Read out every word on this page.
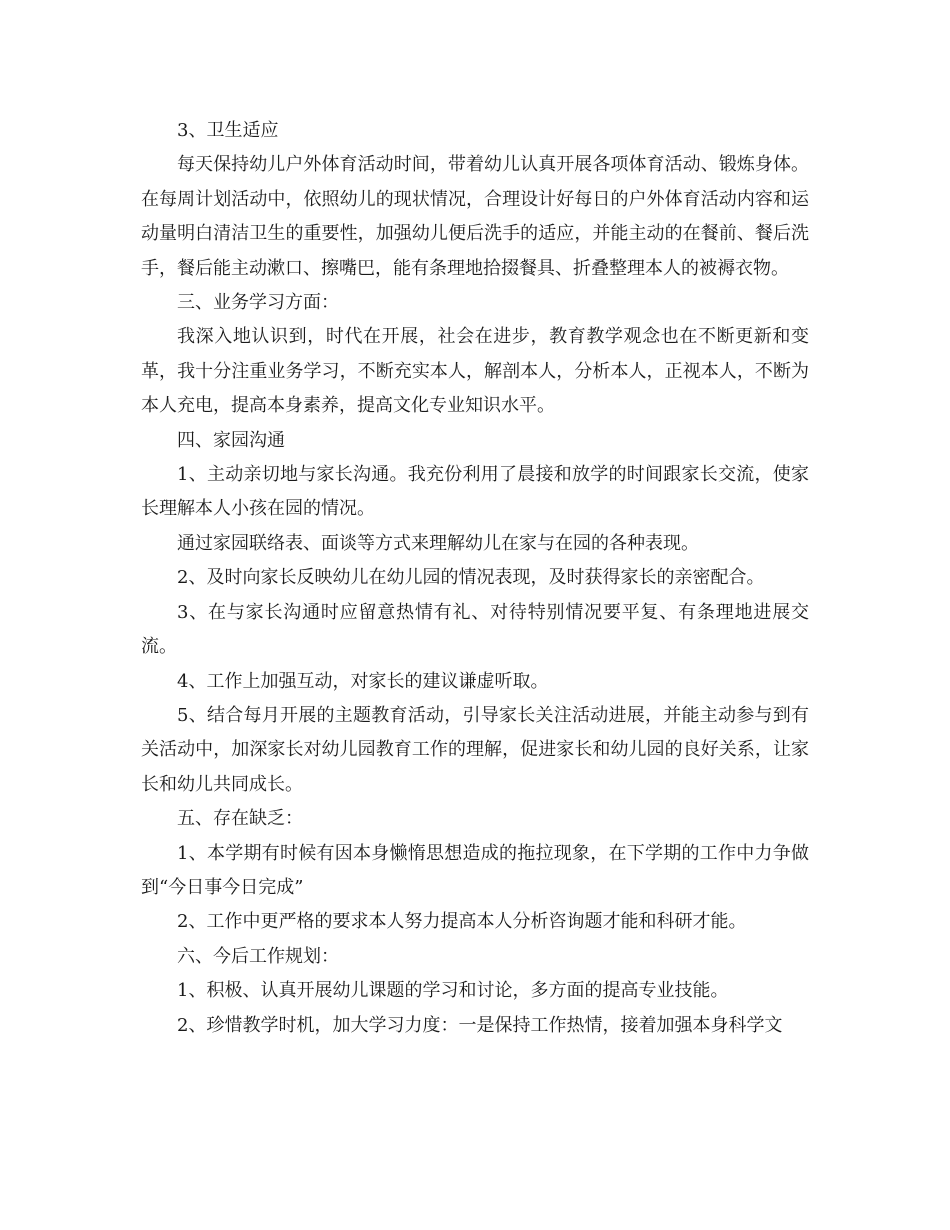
3、卫生适应

每天保持幼儿户外体育活动时间，带着幼儿认真开展各项体育活动、锻炼身体。在每周计划活动中，依照幼儿的现状情况，合理设计好每日的户外体育活动内容和运动量明白清洁卫生的重要性，加强幼儿便后洗手的适应，并能主动的在餐前、餐后洗手，餐后能主动漱口、擦嘴巴，能有条理地拾掇餐具、折叠整理本人的被褥衣物。

三、业务学习方面：

我深入地认识到，时代在开展，社会在进步，教育教学观念也在不断更新和变革，我十分注重业务学习，不断充实本人，解剖本人，分析本人，正视本人，不断为本人充电，提高本身素养，提高文化专业知识水平。

四、家园沟通

1、主动亲切地与家长沟通。我充份利用了晨接和放学的时间跟家长交流，使家长理解本人小孩在园的情况。

通过家园联络表、面谈等方式来理解幼儿在家与在园的各种表现。

2、及时向家长反映幼儿在幼儿园的情况表现，及时获得家长的亲密配合。

3、在与家长沟通时应留意热情有礼、对待特别情况要平复、有条理地进展交流。

4、工作上加强互动，对家长的建议谦虚听取。

5、结合每月开展的主题教育活动，引导家长关注活动进展，并能主动参与到有关活动中，加深家长对幼儿园教育工作的理解，促进家长和幼儿园的良好关系，让家长和幼儿共同成长。

五、存在缺乏：

1、本学期有时候有因本身懒惰思想造成的拖拉现象，在下学期的工作中力争做到“今日事今日完成”

2、工作中更严格的要求本人努力提高本人分析咨询题才能和科研才能。

六、今后工作规划：

1、积极、认真开展幼儿课题的学习和讨论，多方面的提高专业技能。

2、珍惜教学时机，加大学习力度：一是保持工作热情，接着加强本身科学文
